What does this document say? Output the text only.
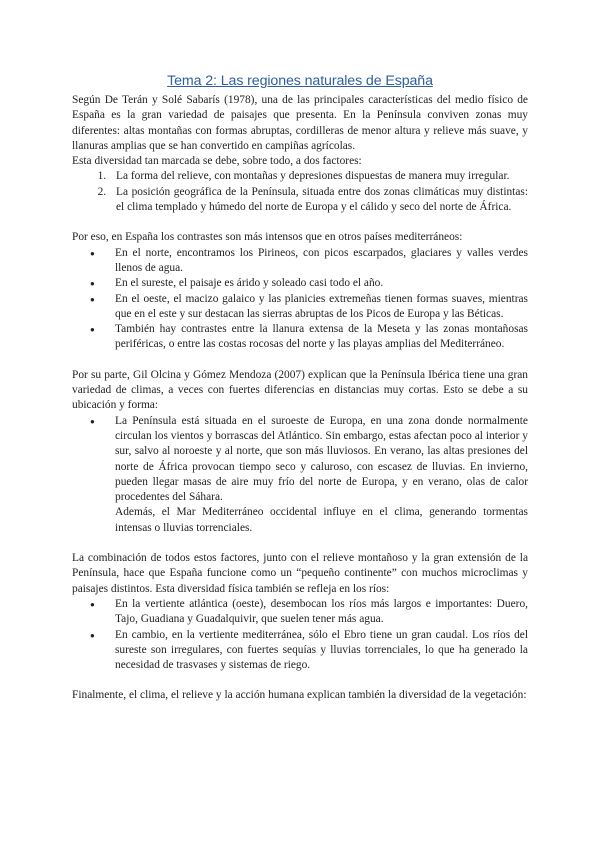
Tema 2: Las regiones naturales de España

Según De Terán y Solé Sabarís (1978), una de las principales características del medio físico de España es la gran variedad de paisajes que presenta. En la Península conviven zonas muy diferentes: altas montañas con formas abruptas, cordilleras de menor altura y relieve más suave, y llanuras amplias que se han convertido en campiñas agrícolas.

Esta diversidad tan marcada se debe, sobre todo, a dos factores:

1. La forma del relieve, con montañas y depresiones dispuestas de manera muy irregular.
2. La posición geográfica de la Península, situada entre dos zonas climáticas muy distintas: el clima templado y húmedo del norte de Europa y el cálido y seco del norte de África.

Por eso, en España los contrastes son más intensos que en otros países mediterráneos:

● En el norte, encontramos los Pirineos, con picos escarpados, glaciares y valles verdes llenos de agua.
● En el sureste, el paisaje es árido y soleado casi todo el año.
● En el oeste, el macizo galaico y las planicies extremeñas tienen formas suaves, mientras que en el este y sur destacan las sierras abruptas de los Picos de Europa y las Béticas.
● También hay contrastes entre la llanura extensa de la Meseta y las zonas montañosas periféricas, o entre las costas rocosas del norte y las playas amplias del Mediterráneo.

Por su parte, Gil Olcina y Gómez Mendoza (2007) explican que la Península Ibérica tiene una gran variedad de climas, a veces con fuertes diferencias en distancias muy cortas. Esto se debe a su ubicación y forma:

● La Península está situada en el suroeste de Europa, en una zona donde normalmente circulan los vientos y borrascas del Atlántico. Sin embargo, estas afectan poco al interior y sur, salvo al noroeste y al norte, que son más lluviosos. En verano, las altas presiones del norte de África provocan tiempo seco y caluroso, con escasez de lluvias. En invierno, pueden llegar masas de aire muy frío del norte de Europa, y en verano, olas de calor procedentes del Sáhara.
Además, el Mar Mediterráneo occidental influye en el clima, generando tormentas intensas o lluvias torrenciales.

La combinación de todos estos factores, junto con el relieve montañoso y la gran extensión de la Península, hace que España funcione como un “pequeño continente” con muchos microclimas y paisajes distintos. Esta diversidad física también se refleja en los ríos:

● En la vertiente atlántica (oeste), desembocan los ríos más largos e importantes: Duero, Tajo, Guadiana y Guadalquivir, que suelen tener más agua.
● En cambio, en la vertiente mediterránea, sólo el Ebro tiene un gran caudal. Los ríos del sureste son irregulares, con fuertes sequías y lluvias torrenciales, lo que ha generado la necesidad de trasvases y sistemas de riego.

Finalmente, el clima, el relieve y la acción humana explican también la diversidad de la vegetación:
